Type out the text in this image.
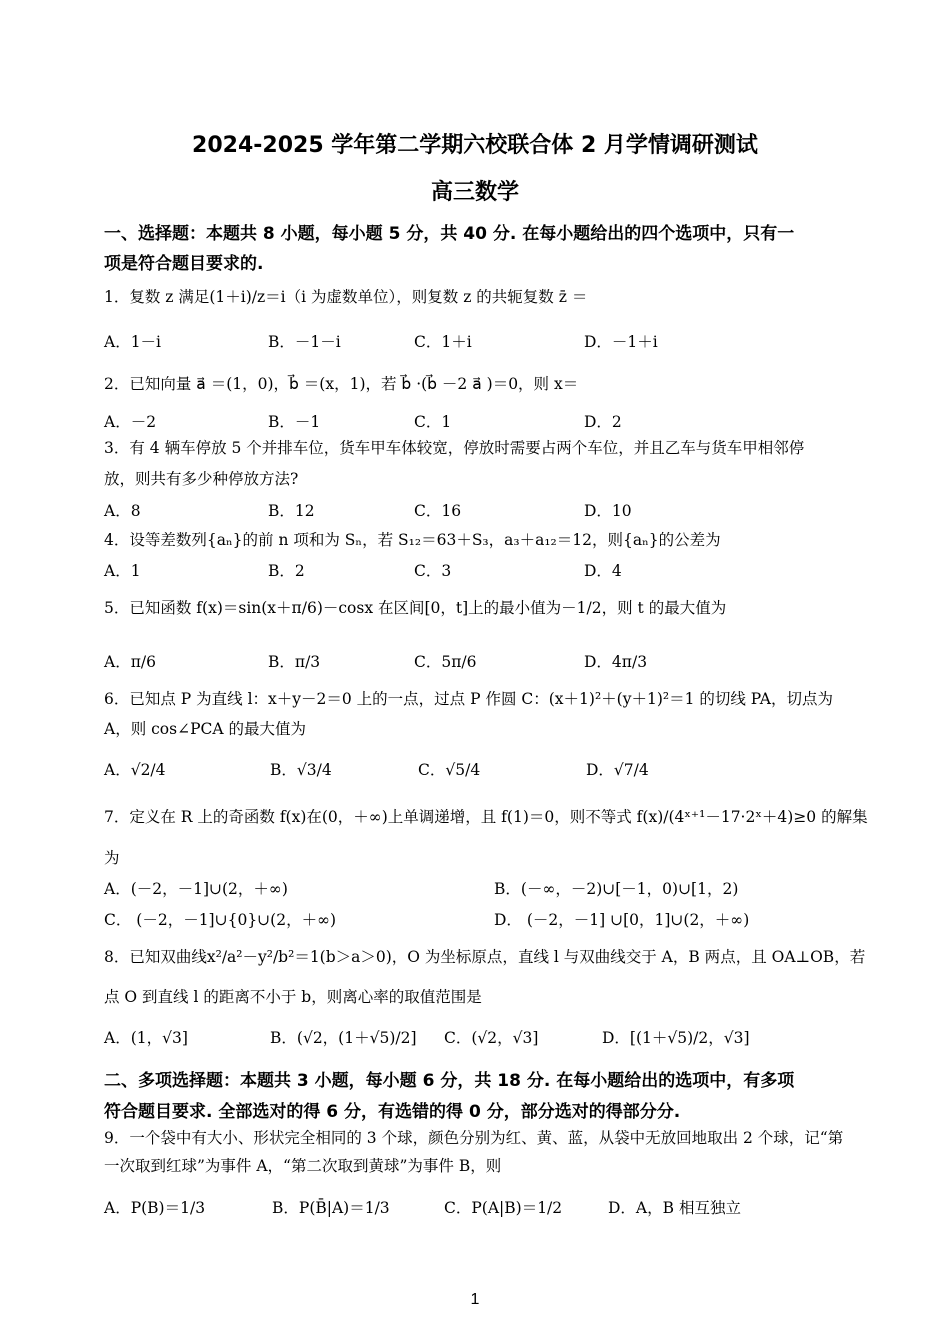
2024-2025 学年第二学期六校联合体 2 月学情调研测试
高三数学
一、选择题：本题共 8 小题，每小题 5 分，共 40 分. 在每小题给出的四个选项中，只有一
项是符合题目要求的.
1．复数 z 满足(1＋i)/z＝i（i 为虚数单位），则复数 z 的共轭复数 z̄ ＝
A．1－i	B．－1－i	C．1＋i	D．－1＋i
2．已知向量 a⃗ ＝(1，0)，b⃗ ＝(x，1)，若 b⃗ ·(b⃗ －2 a⃗ )＝0，则 x＝
A．－2	B．－1	C．1	D．2
3．有 4 辆车停放 5 个并排车位，货车甲车体较宽，停放时需要占两个车位，并且乙车与货车甲相邻停
放，则共有多少种停放方法?
A．8	B．12	C．16	D．10
4．设等差数列{aₙ}的前 n 项和为 Sₙ，若 S₁₂＝63＋S₃，a₃＋a₁₂＝12，则{aₙ}的公差为
A．1	B．2	C．3	D．4
5．已知函数 f(x)＝sin(x＋π/6)－cosx 在区间[0，t]上的最小值为－1/2，则 t 的最大值为
A．π/6	B．π/3	C．5π/6	D．4π/3
6．已知点 P 为直线 l：x＋y－2＝0 上的一点，过点 P 作圆 C：(x＋1)²＋(y＋1)²＝1 的切线 PA，切点为
A，则 cos∠PCA 的最大值为
A．√2/4	B．√3/4	C．√5/4	D．√7/4
7．定义在 R 上的奇函数 f(x)在(0，＋∞)上单调递增，且 f(1)＝0，则不等式 f(x)/(4ˣ⁺¹－17·2ˣ＋4)≥0 的解集
为
A．(－2，－1]∪(2，＋∞)	B．(－∞，－2)∪[－1，0)∪[1，2)
C． (－2，－1]∪{0}∪(2，＋∞)	D． (－2，－1] ∪[0，1]∪(2，＋∞)
8．已知双曲线x²/a²－y²/b²＝1(b＞a＞0)，O 为坐标原点，直线 l 与双曲线交于 A，B 两点，且 OA⊥OB，若
点 O 到直线 l 的距离不小于 b，则离心率的取值范围是
A．(1，√3]	B．(√2，(1＋√5)/2] C．(√2，√3]	D．[(1＋√5)/2，√3]
二、多项选择题：本题共 3 小题，每小题 6 分，共 18 分. 在每小题给出的选项中，有多项
符合题目要求. 全部选对的得 6 分，有选错的得 0 分，部分选对的得部分分.
9．一个袋中有大小、形状完全相同的 3 个球，颜色分别为红、黄、蓝，从袋中无放回地取出 2 个球，记“第
一次取到红球”为事件 A，“第二次取到黄球”为事件 B，则
A．P(B)＝1/3	B．P(B̄|A)＝1/3	C．P(A|B)＝1/2	D．A，B 相互独立
1
